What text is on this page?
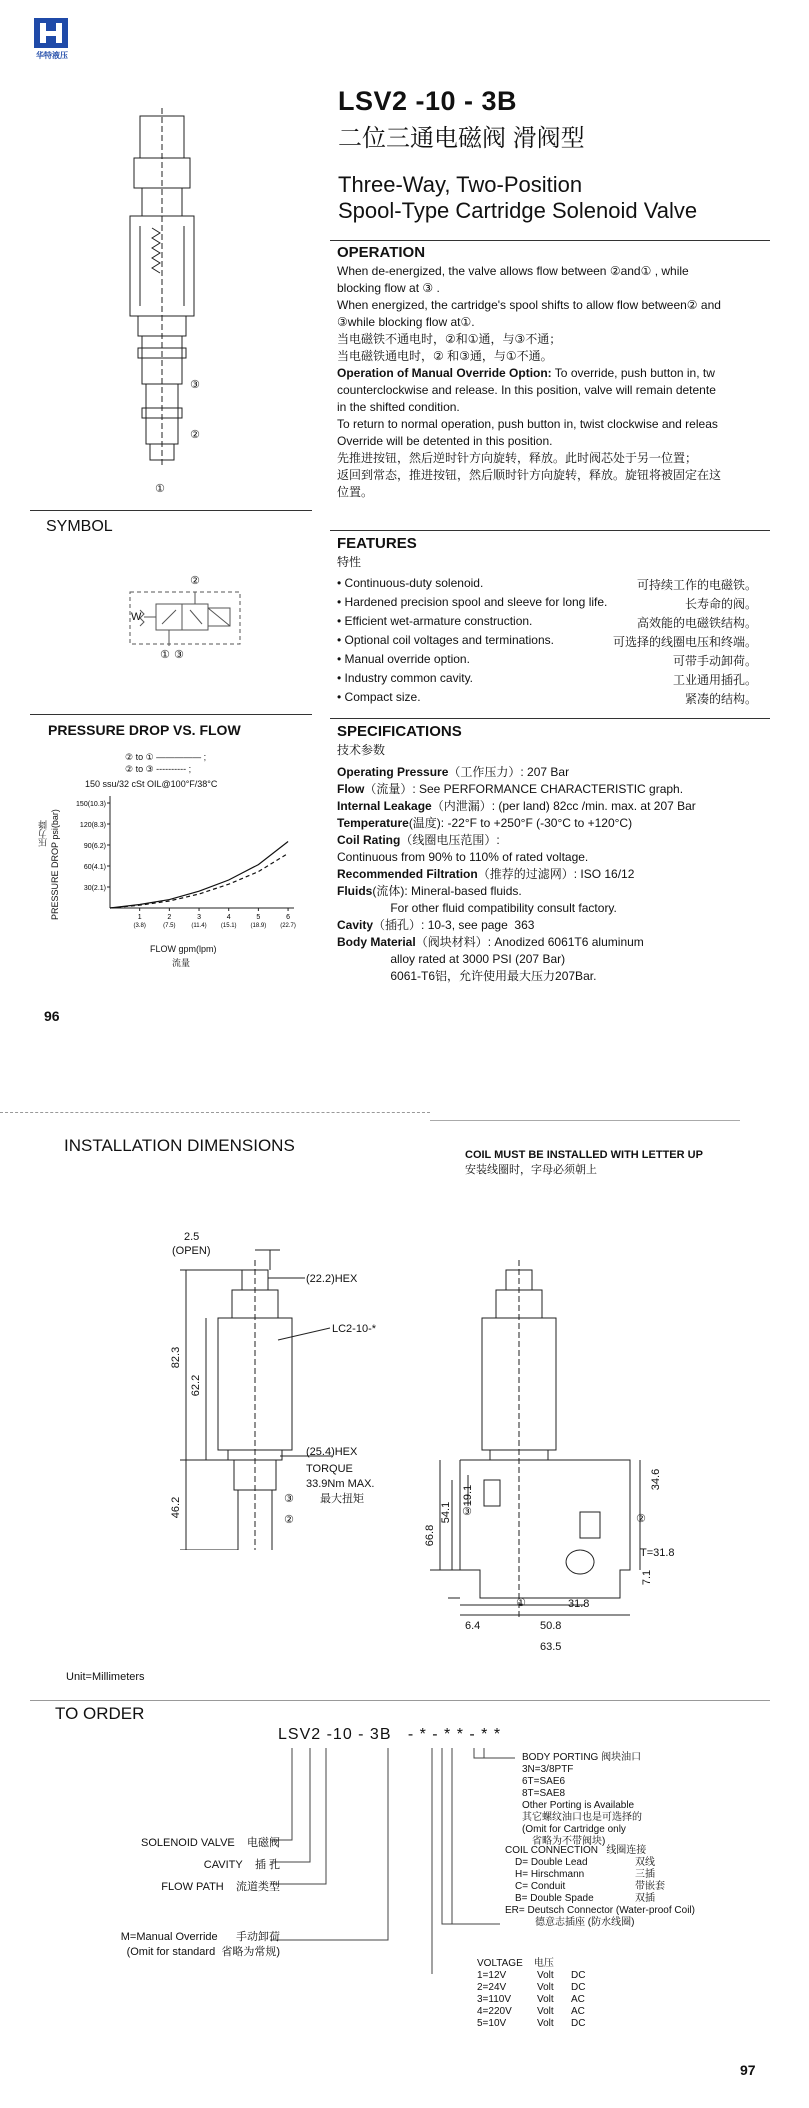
华特液压
LSV2 -10 - 3B
二位三通电磁阀 滑阀型
Three-Way, Two-Position
Spool-Type Cartridge Solenoid Valve
③
②
①
SYMBOL
②
W
① ③
PRESSURE DROP VS. FLOW
② to ① ————— ;
② to ③ ---------- ;
150 ssu/32 cSt OIL@100°F/38°C
压力降 PRESSURE DROP psi(bar)
150(10.3)
120(8.3)
90(6.2)
60(4.1)
30(2.1)
1
(3.8)
2
(7.5)
3
(11.4)
4
(15.1)
5
(18.9)
6
(22.7)
FLOW gpm(lpm)
流量
96
OPERATION
When de-energized, the valve allows flow between ②and① , while
blocking flow at ③ .
When energized, the cartridge's spool shifts to allow flow between② and
③while blocking flow at①.
当电磁铁不通电时，②和①通，与③不通；
当电磁铁通电时，② 和③通，与①不通。
Operation of Manual Override Option: To override, push button in, tw
counterclockwise and release. In this position, valve will remain detente
in the shifted condition.
To return to normal operation, push button in, twist clockwise and releas
Override will be detented in this position.
先推进按钮，然后逆时针方向旋转，释放。此时阀芯处于另一位置；
返回到常态，推进按钮，然后顺时针方向旋转，释放。旋钮将被固定在这
位置。
FEATURES
特性
• Continuous-duty solenoid.	可持续工作的电磁铁。
• Hardened precision spool and sleeve for long life.	长寿命的阀。
• Efficient wet-armature construction.	高效能的电磁铁结构。
• Optional coil voltages and terminations.	可选择的线圈电压和终端。
• Manual override option.	可带手动卸荷。
• Industry common cavity.	工业通用插孔。
• Compact size.	紧凑的结构。
SPECIFICATIONS
技术参数
Operating Pressure（工作压力）: 207 Bar
Flow（流量）: See PERFORMANCE CHARACTERISTIC graph.
Internal Leakage（内泄漏）: (per land) 82cc /min. max. at 207 Bar
Temperature(温度): -22°F to +250°F (-30°C to +120°C)
Coil Rating（线圈电压范围）:
Continuous from 90% to 110% of rated voltage.
Recommended Filtration（推荐的过滤网）: ISO 16/12
Fluids(流体): Mineral-based fluids.
For other fluid compatibility consult factory.
Cavity（插孔）: 10-3, see page  363
Body Material（阀块材料）: Anodized 6061T6 aluminum
alloy rated at 3000 PSI (207 Bar)
6061-T6铝，允许使用最大压力207Bar.
INSTALLATION DIMENSIONS	COIL MUST BE INSTALLED WITH LETTER UP
安装线圈时，字母必须朝上
2.5
(OPEN)
(22.2)HEX
LC2-10-*
82.3
62.2
(25.4)HEX
TORQUE
33.9Nm MAX.
最大扭矩
46.2	③
②
66.8
54.1
19.1
③
②
34.6
T=31.8
7.1
①	31.8
6.4	50.8
63.5
Unit=Millimeters
TO ORDER
LSV2 -10 - 3B   - * - * * - * *
SOLENOID VALVE 电磁阀
CAVITY 插 孔
FLOW PATH 流道类型
M=Manual Override 手动卸荷
(Omit for standard 省略为常规)
BODY PORTING 阀块油口
3N=3/8PTF
6T=SAE6
8T=SAE8
Other Porting is Available
其它螺纹油口也是可选择的
(Omit for Cartridge only
省略为不带阀块)
COIL CONNECTION 线圈连接
D= Double Lead	双线
H= Hirschmann	三插
C= Conduit	带嵌套
B= Double Spade	双插
ER= Deutsch Connector (Water-proof Coil)
德意志插座 (防水线圈)
VOLTAGE 电压
1=12V	Volt	DC
2=24V	Volt	DC
3=110V	Volt	AC
4=220V	Volt	AC
5=10V	Volt	DC
97
